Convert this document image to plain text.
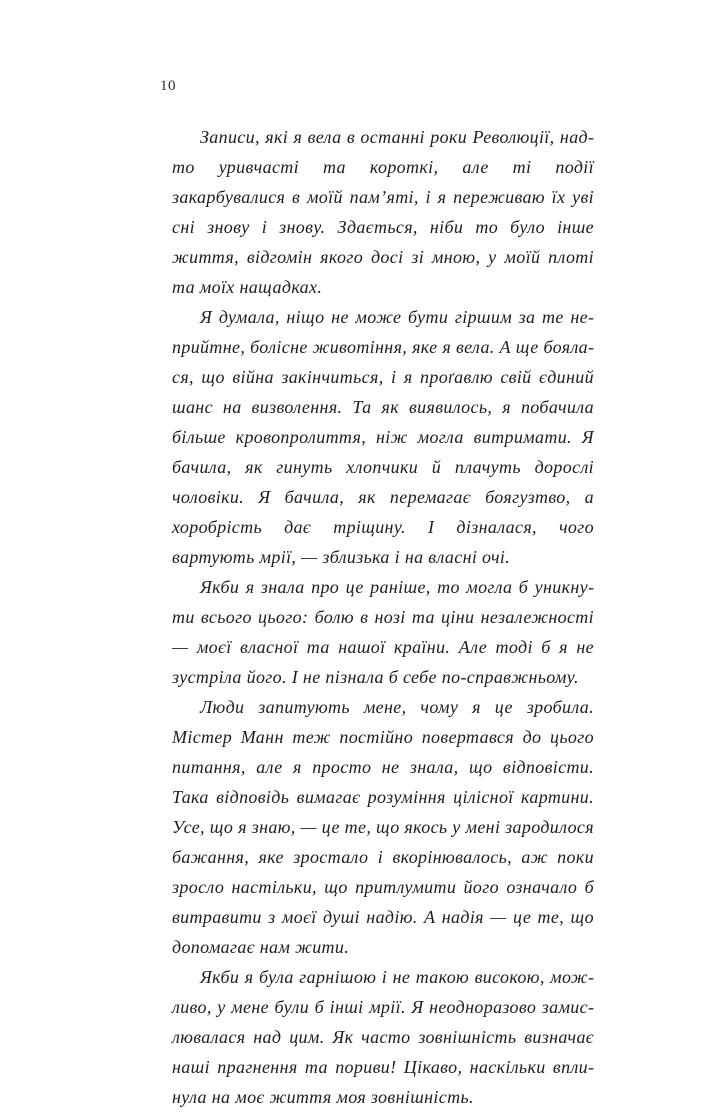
10

Записи, які я вела в останні роки Революції, надто уривчасті та короткі, але ті події закарбувалися в моїй пам’яті, і я переживаю їх уві сні знову і знову. Здається, ніби то було інше життя, відгомін якого досі зі мною, у моїй плоті та моїх нащадках.

Я думала, ніщо не може бути гіршим за те неприйтне, болісне животіння, яке я вела. А ще боялaся, що війна закінчиться, і я проґавлю свій єдиний шанс на визволення. Та як виявилось, я побачила більше кровопролиття, ніж могла витримати. Я бачила, як гинуть хлопчики й плачуть дорослі чоловіки. Я бачила, як перемагає боягузтво, а хоробрість дає тріщину. І дізналася, чого вартують мрії, — зблизька і на власні очі.

Якби я знала про це раніше, то могла б уникнути всього цього: болю в нозі та ціни незалежності — моєї власної та нашої країни. Але тоді б я не зустріла його. І не пізнала б себе по-справжньому.

Люди запитують мене, чому я це зробила. Містер Манн теж постійно повертався до цього питання, але я просто не знала, що відповісти. Така відповідь вимагає розуміння цілісної картини. Усе, що я знаю, — це те, що якось у мені зародилося бажання, яке зростало і вкорінювалось, аж поки зросло настільки, що притлумити його означало б витравити з моєї душі надію. А надія — це те, що допомагає нам жити.

Якби я була гарнішою і не такою високою, можливо, у мене були б інші мрії. Я неодноразово замислювалася над цим. Як часто зовнішність визначає наші прагнення та пориви! Цікаво, наскільки вплинула на моє життя моя зовнішність.
